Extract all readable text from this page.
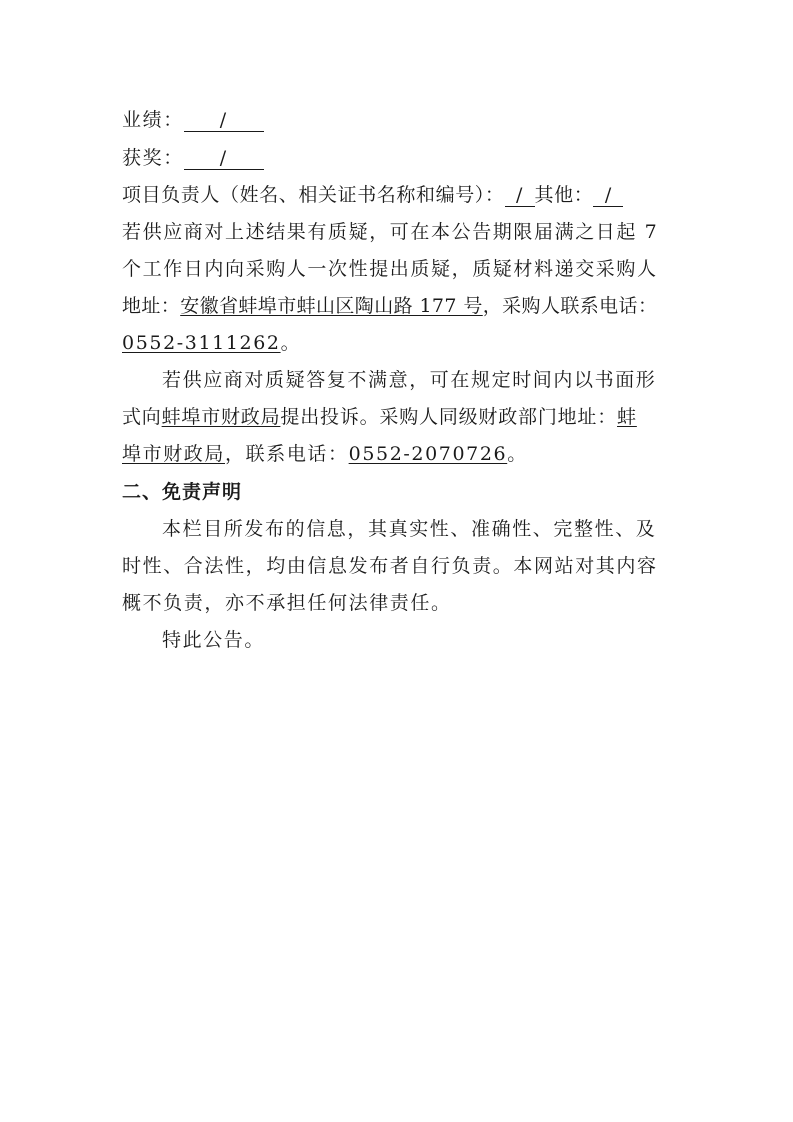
业绩： /
获奖： /
项目负责人（姓名、相关证书名称和编号）： / 其他： /
若供应商对上述结果有质疑，可在本公告期限届满之日起 7
个工作日内向采购人一次性提出质疑，质疑材料递交采购人
地址：安徽省蚌埠市蚌山区陶山路 177 号，采购人联系电话：
0552-3111262。
若供应商对质疑答复不满意，可在规定时间内以书面形
式向蚌埠市财政局提出投诉。采购人同级财政部门地址：蚌
埠市财政局，联系电话：0552-2070726。
二、免责声明
本栏目所发布的信息，其真实性、准确性、完整性、及
时性、合法性，均由信息发布者自行负责。本网站对其内容
概不负责，亦不承担任何法律责任。
特此公告。
